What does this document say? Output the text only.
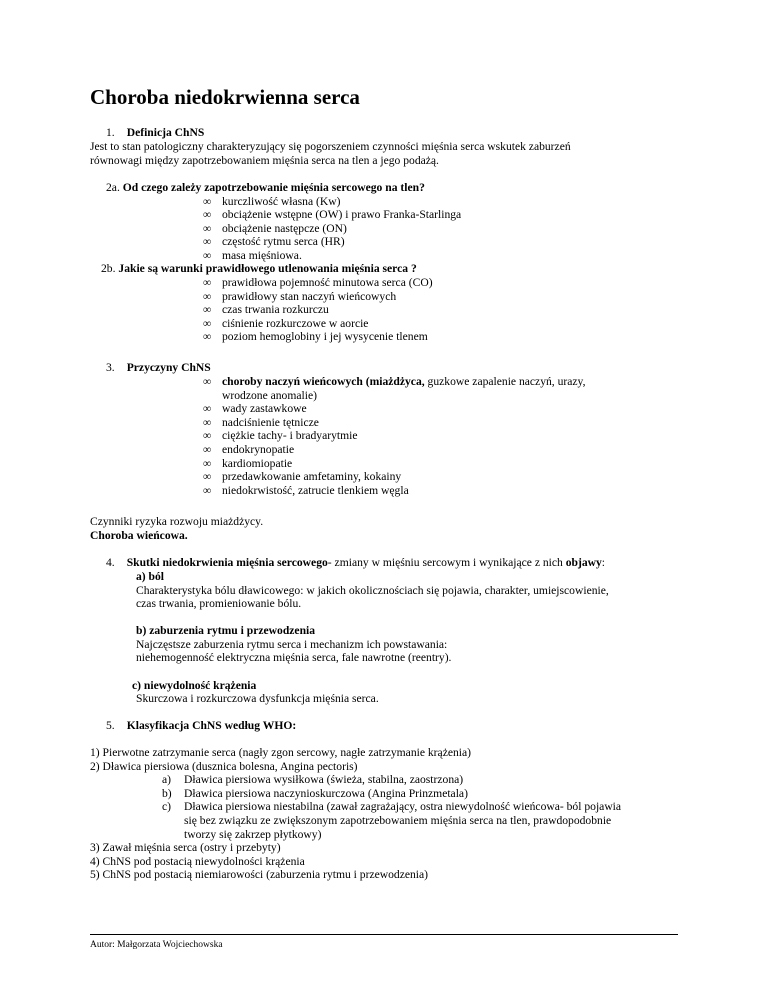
Choroba niedokrwienna serca
1. Definicja ChNS
Jest to stan patologiczny charakteryzujący się pogorszeniem czynności mięśnia serca wskutek zaburzeń
równowagi między zapotrzebowaniem mięśnia serca na tlen a jego podażą.
2a. Od czego zależy zapotrzebowanie mięśnia sercowego na tlen?
∞ kurczliwość własna (Kw)
∞ obciążenie wstępne (OW) i prawo Franka-Starlinga
∞ obciążenie następcze (ON)
∞ częstość rytmu serca (HR)
∞ masa mięśniowa.
2b. Jakie są warunki prawidłowego utlenowania mięśnia serca ?
∞ prawidłowa pojemność minutowa serca (CO)
∞ prawidłowy stan naczyń wieńcowych
∞ czas trwania rozkurczu
∞ ciśnienie rozkurczowe w aorcie
∞ poziom hemoglobiny i jej wysycenie tlenem
3. Przyczyny ChNS
∞ choroby naczyń wieńcowych (miażdżyca, guzkowe zapalenie naczyń, urazy,
wrodzone anomalie)
∞ wady zastawkowe
∞ nadciśnienie tętnicze
∞ ciężkie tachy- i bradyarytmie
∞ endokrynopatie
∞ kardiomiopatie
∞ przedawkowanie amfetaminy, kokainy
∞ niedokrwistość, zatrucie tlenkiem węgla
Czynniki ryzyka rozwoju miażdżycy.
Choroba wieńcowa.
4. Skutki niedokrwienia mięśnia sercowego- zmiany w mięśniu sercowym i wynikające z nich objawy:
a) ból
Charakterystyka bólu dławicowego: w jakich okolicznościach się pojawia, charakter, umiejscowienie,
czas trwania, promieniowanie bólu.
b) zaburzenia rytmu i przewodzenia
Najczęstsze zaburzenia rytmu serca i mechanizm ich powstawania:
niehemogenność elektryczna mięśnia serca, fale nawrotne (reentry).
c) niewydolność krążenia
Skurczowa i rozkurczowa dysfunkcja mięśnia serca.
5. Klasyfikacja ChNS według WHO:
1) Pierwotne zatrzymanie serca (nagły zgon sercowy, nagłe zatrzymanie krążenia)
2) Dławica piersiowa (dusznica bolesna, Angina pectoris)
a) Dławica piersiowa wysiłkowa (świeża, stabilna, zaostrzona)
b) Dławica piersiowa naczynioskurczowa (Angina Prinzmetala)
c) Dławica piersiowa niestabilna (zawał zagrażający, ostra niewydolność wieńcowa- ból pojawia
się bez związku ze zwiększonym zapotrzebowaniem mięśnia serca na tlen, prawdopodobnie
tworzy się zakrzep płytkowy)
3) Zawał mięśnia serca (ostry i przebyty)
4) ChNS pod postacią niewydolności krążenia
5) ChNS pod postacią niemiarowości (zaburzenia rytmu i przewodzenia)
Autor: Małgorzata Wojciechowska
